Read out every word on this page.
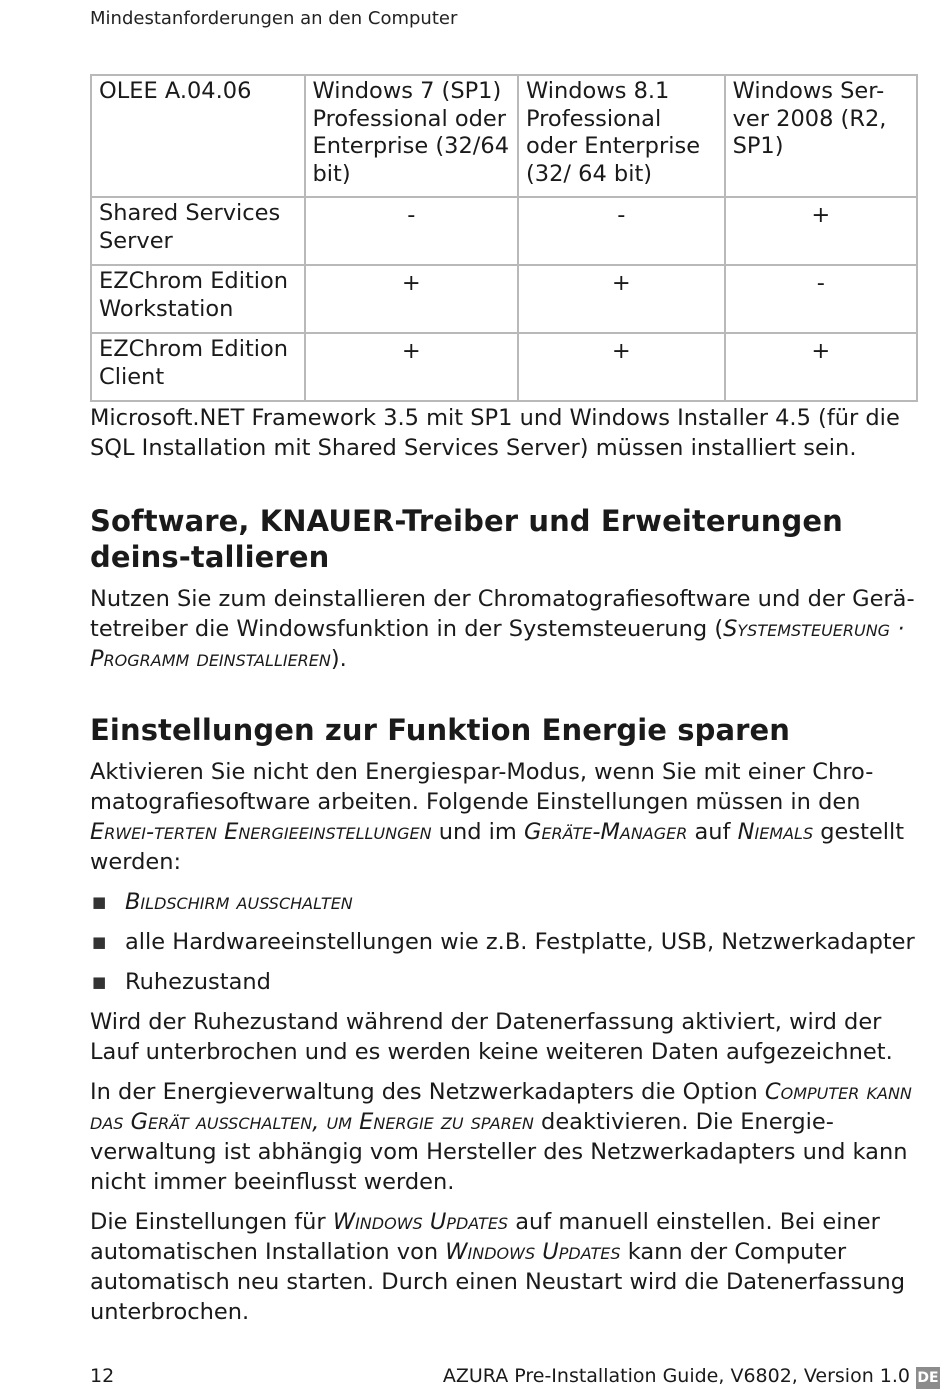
Mindestanforderungen an den Computer
OLEE A.04.06	Windows 7 (SP1) Professional oder Enterprise (32/64 bit)	Windows 8.1 Professional oder Enterprise (32/ 64 bit)	Windows Ser-ver 2008 (R2, SP1)
Shared Services Server	-	-	+
EZChrom Edition Workstation	+	+	-
EZChrom Edition Client	+	+	+

Microsoft.NET Framework 3.5 mit SP1 und Windows Installer 4.5 (für die SQL Installation mit Shared Services Server) müssen installiert sein.

Software, KNAUER-Treiber und Erweiterungen deins-tallieren

Nutzen Sie zum deinstallieren der Chromatografiesoftware und der Gerä-tetreiber die Windowsfunktion in der Systemsteuerung (Systemsteuerung · Programm deinstallieren).

Einstellungen zur Funktion Energie sparen

Aktivieren Sie nicht den Energiespar-Modus, wenn Sie mit einer Chro-matografiesoftware arbeiten. Folgende Einstellungen müssen in den Erwei-terten Energieeinstellungen und im Geräte-Manager auf Niemals gestellt werden:

■ Bildschirm ausschalten
■ alle Hardwareeinstellungen wie z.B. Festplatte, USB, Netzwerkadapter
■ Ruhezustand

Wird der Ruhezustand während der Datenerfassung aktiviert, wird der Lauf unterbrochen und es werden keine weiteren Daten aufgezeichnet.

In der Energieverwaltung des Netzwerkadapters die Option Computer kann das Gerät ausschalten, um Energie zu sparen deaktivieren. Die Energie-verwaltung ist abhängig vom Hersteller des Netzwerkadapters und kann nicht immer beeinflusst werden.

Die Einstellungen für Windows Updates auf manuell einstellen. Bei einer automatischen Installation von Windows Updates kann der Computer automatisch neu starten. Durch einen Neustart wird die Datenerfassung unterbrochen.

12	AZURA Pre-Installation Guide, V6802, Version 1.0 DE
